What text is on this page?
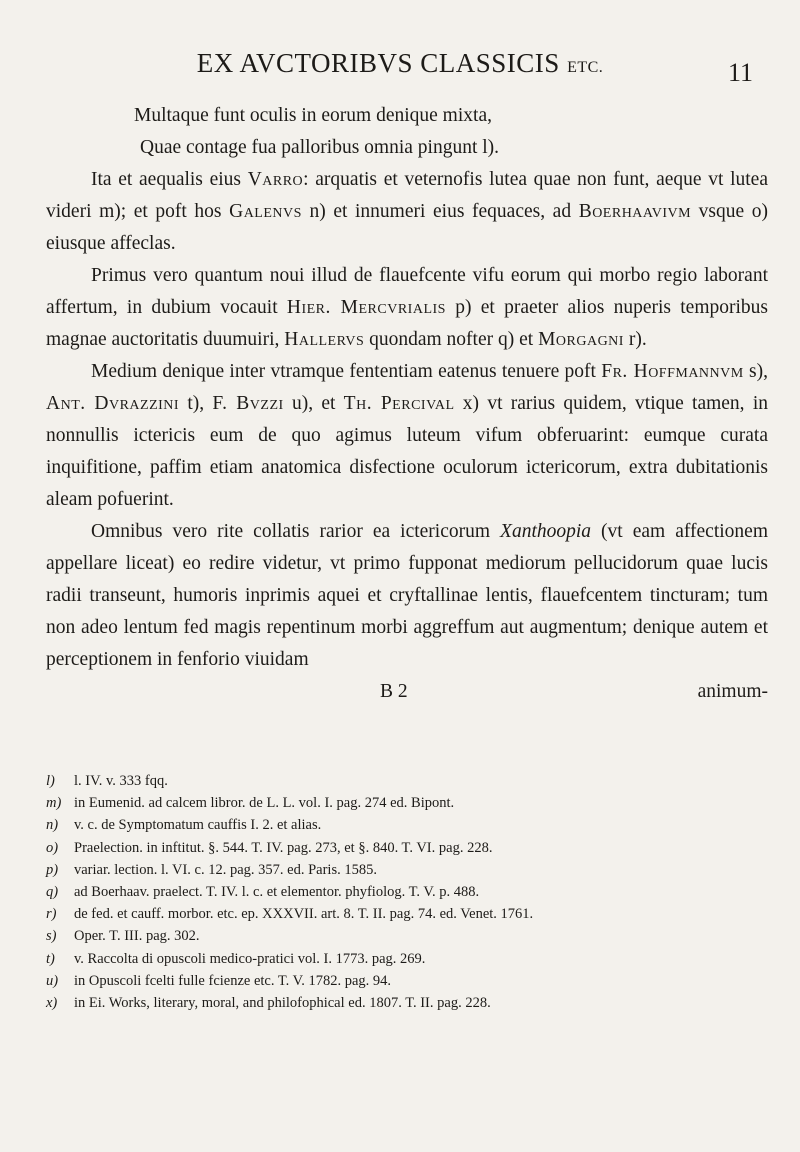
EX AVCTORIBVS CLASSICIS ETC.	11

Multaque funt oculis in eorum denique mixta,

Quae contage fua palloribus omnia pingunt l).

Ita et aequalis eius Varro: arquatis et veternofis lutea quae non funt, aeque vt lutea videri m); et poft hos Galenvs n) et innumeri eius fequaces, ad Boerhaavivm vsque o) eiusque affeclas.

Primus vero quantum noui illud de flauefcente vifu eorum qui morbo regio laborant affertum, in dubium vocauit Hier. Mercvrialis p) et praeter alios nuperis temporibus magnae auctoritatis duumuiri, Hallervs quondam nofter q) et Morgagni r).

Medium denique inter vtramque fententiam eatenus tenuere poft Fr. Hoffmannvm s), Ant. Dvrazzini t), F. Bvzzi u), et Th. Percival x) vt rarius quidem, vtique tamen, in nonnullis ictericis eum de quo agimus luteum vifum obferuarint: eumque curata inquifitione, paffim etiam anatomica disfectione oculorum ictericorum, extra dubitationis aleam pofuerint.

Omnibus vero rite collatis rarior ea ictericorum Xanthoopia (vt eam affectionem appellare liceat) eo redire videtur, vt primo fupponat mediorum pellucidorum quae lucis radii transeunt, humoris inprimis aquei et cryftallinae lentis, flauefcentem tincturam; tum non adeo lentum fed magis repentinum morbi aggreffum aut augmentum; denique autem et perceptionem in fenforio viuidam

B 2	animum-

l) l. IV. v. 333 fqq.

m) in Eumenid. ad calcem libror. de L. L. vol. I. pag. 274 ed. Bipont.

n) v. c. de Symptomatum cauffis I. 2. et alias.

o) Praelection. in inftitut. §. 544. T. IV. pag. 273, et §. 840. T. VI. pag. 228.

p) variar. lection. l. VI. c. 12. pag. 357. ed. Paris. 1585.

q) ad Boerhaav. praelect. T. IV. l. c. et elementor. phyfiolog. T. V. p. 488.

r) de fed. et cauff. morbor. etc. ep. XXXVII. art. 8. T. II. pag. 74. ed. Venet. 1761.

s) Oper. T. III. pag. 302.

t) v. Raccolta di opuscoli medico-pratici vol. I. 1773. pag. 269.

u) in Opuscoli fcelti fulle fcienze etc. T. V. 1782. pag. 94.

x) in Ei. Works, literary, moral, and philofophical ed. 1807. T. II. pag. 228.
